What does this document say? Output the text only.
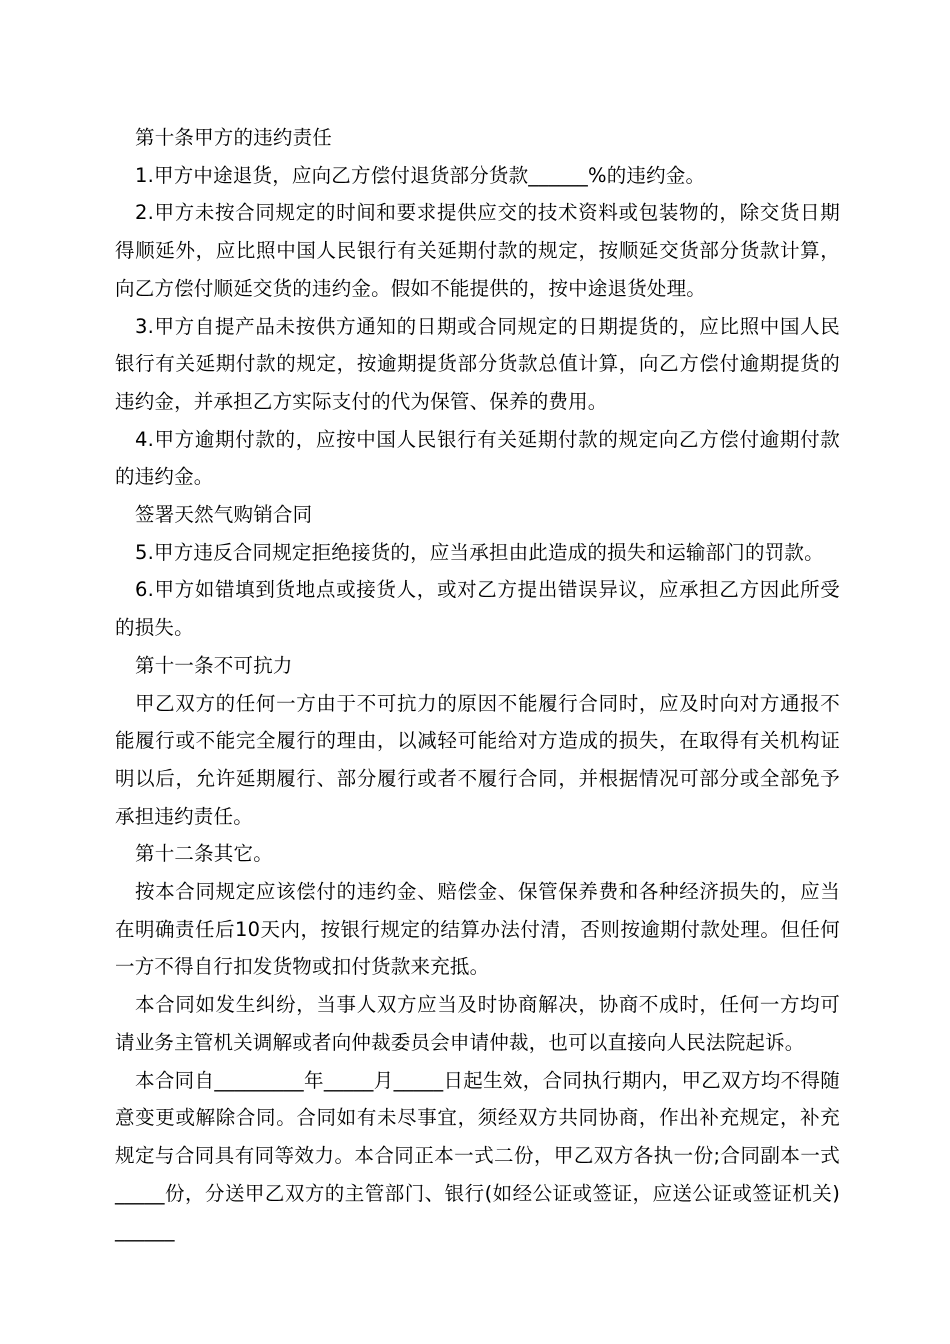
第十条甲方的违约责任

1.甲方中途退货，应向乙方偿付退货部分货款______%的违约金。

2.甲方未按合同规定的时间和要求提供应交的技术资料或包装物的，除交货日期得顺延外，应比照中国人民银行有关延期付款的规定，按顺延交货部分货款计算，向乙方偿付顺延交货的违约金。假如不能提供的，按中途退货处理。

3.甲方自提产品未按供方通知的日期或合同规定的日期提货的，应比照中国人民银行有关延期付款的规定，按逾期提货部分货款总值计算，向乙方偿付逾期提货的违约金，并承担乙方实际支付的代为保管、保养的费用。

4.甲方逾期付款的，应按中国人民银行有关延期付款的规定向乙方偿付逾期付款的违约金。

签署天然气购销合同

5.甲方违反合同规定拒绝接货的，应当承担由此造成的损失和运输部门的罚款。

6.甲方如错填到货地点或接货人，或对乙方提出错误异议，应承担乙方因此所受的损失。

第十一条不可抗力

甲乙双方的任何一方由于不可抗力的原因不能履行合同时，应及时向对方通报不能履行或不能完全履行的理由，以减轻可能给对方造成的损失，在取得有关机构证明以后，允许延期履行、部分履行或者不履行合同，并根据情况可部分或全部免予承担违约责任。

第十二条其它。

按本合同规定应该偿付的违约金、赔偿金、保管保养费和各种经济损失的，应当在明确责任后10天内，按银行规定的结算办法付清，否则按逾期付款处理。但任何一方不得自行扣发货物或扣付货款来充抵。

本合同如发生纠纷，当事人双方应当及时协商解决，协商不成时，任何一方均可请业务主管机关调解或者向仲裁委员会申请仲裁，也可以直接向人民法院起诉。

本合同自_________年_____月_____日起生效，合同执行期内，甲乙双方均不得随意变更或解除合同。合同如有未尽事宜，须经双方共同协商，作出补充规定，补充规定与合同具有同等效力。本合同正本一式二份，甲乙双方各执一份;合同副本一式_____份，分送甲乙双方的主管部门、银行(如经公证或签证，应送公证或签证机关)______
